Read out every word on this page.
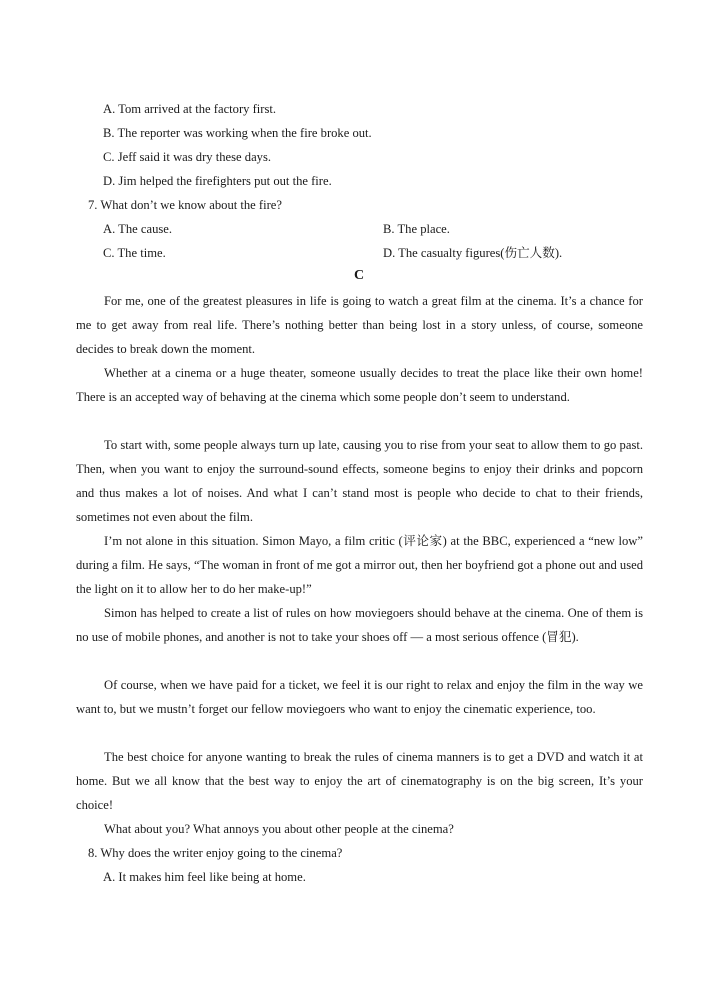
A. Tom arrived at the factory first.
B. The reporter was working when the fire broke out.
C. Jeff said it was dry these days.
D. Jim helped the firefighters put out the fire.
7. What don’t we know about the fire?
A. The cause.	B. The place.
C. The time.	D. The casualty figures(伤亡人数).
C

For me, one of the greatest pleasures in life is going to watch a great film at the cinema. It’s a chance for me to get away from real life. There’s nothing better than being lost in a story unless, of course, someone decides to break down the moment.

Whether at a cinema or a huge theater, someone usually decides to treat the place like their own home! There is an accepted way of behaving at the cinema which some people don’t seem to understand.

To start with, some people always turn up late, causing you to rise from your seat to allow them to go past. Then, when you want to enjoy the surround-sound effects, someone begins to enjoy their drinks and popcorn and thus makes a lot of noises. And what I can’t stand most is people who decide to chat to their friends, sometimes not even about the film.

I’m not alone in this situation. Simon Mayo, a film critic (评论家) at the BBC, experienced a “new low” during a film. He says, “The woman in front of me got a mirror out, then her boyfriend got a phone out and used the light on it to allow her to do her make-up!”

Simon has helped to create a list of rules on how moviegoers should behave at the cinema. One of them is no use of mobile phones, and another is not to take your shoes off — a most serious offence (冒犯).

Of course, when we have paid for a ticket, we feel it is our right to relax and enjoy the film in the way we want to, but we mustn’t forget our fellow moviegoers who want to enjoy the cinematic experience, too.

The best choice for anyone wanting to break the rules of cinema manners is to get a DVD and watch it at home. But we all know that the best way to enjoy the art of cinematography is on the big screen, It’s your choice!

What about you? What annoys you about other people at the cinema?

8. Why does the writer enjoy going to the cinema?
A. It makes him feel like being at home.
